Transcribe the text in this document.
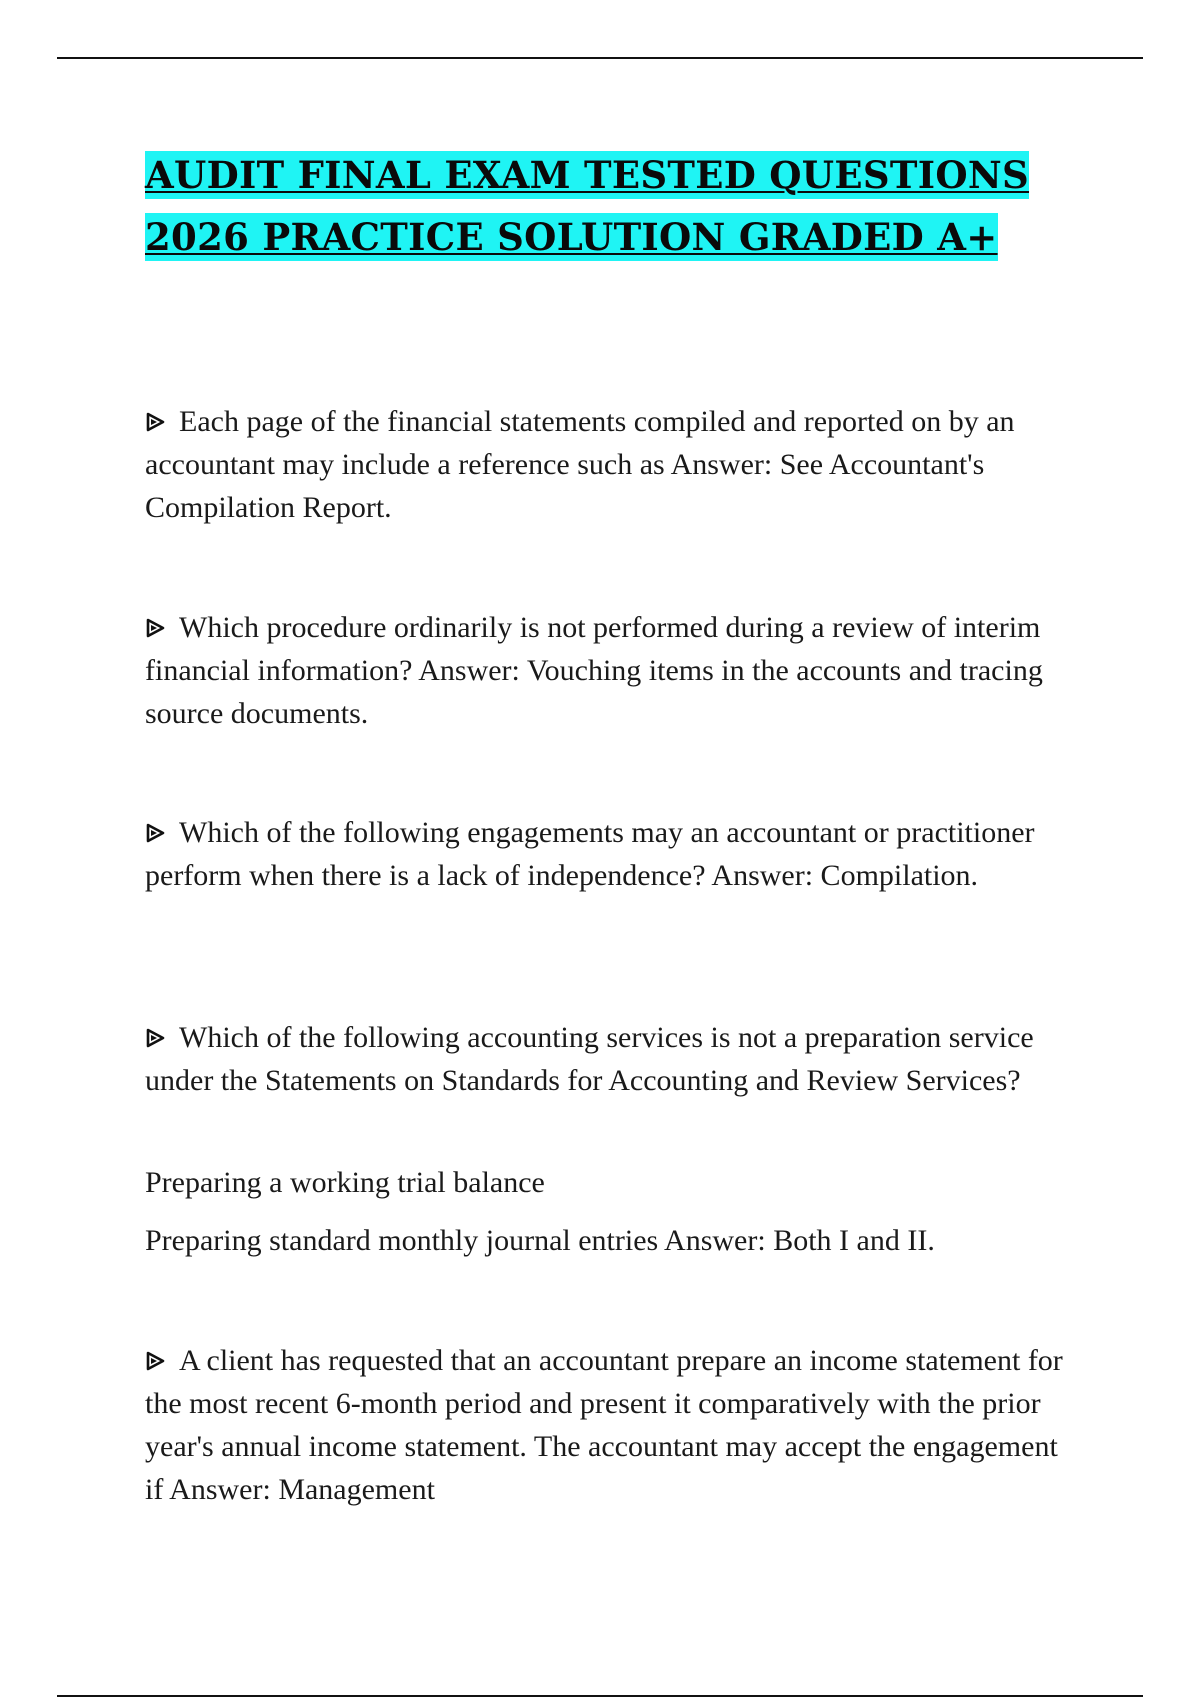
AUDIT FINAL EXAM TESTED QUESTIONS
2026 PRACTICE SOLUTION GRADED A+

Each page of the financial statements compiled and reported on by an accountant may include a reference such as Answer: See Accountant's Compilation Report.

Which procedure ordinarily is not performed during a review of interim financial information? Answer: Vouching items in the accounts and tracing source documents.

Which of the following engagements may an accountant or practitioner perform when there is a lack of independence? Answer: Compilation.

Which of the following accounting services is not a preparation service under the Statements on Standards for Accounting and Review Services?

Preparing a working trial balance

Preparing standard monthly journal entries Answer: Both I and II.

A client has requested that an accountant prepare an income statement for the most recent 6-month period and present it comparatively with the prior year's annual income statement. The accountant may accept the engagement if Answer: Management
